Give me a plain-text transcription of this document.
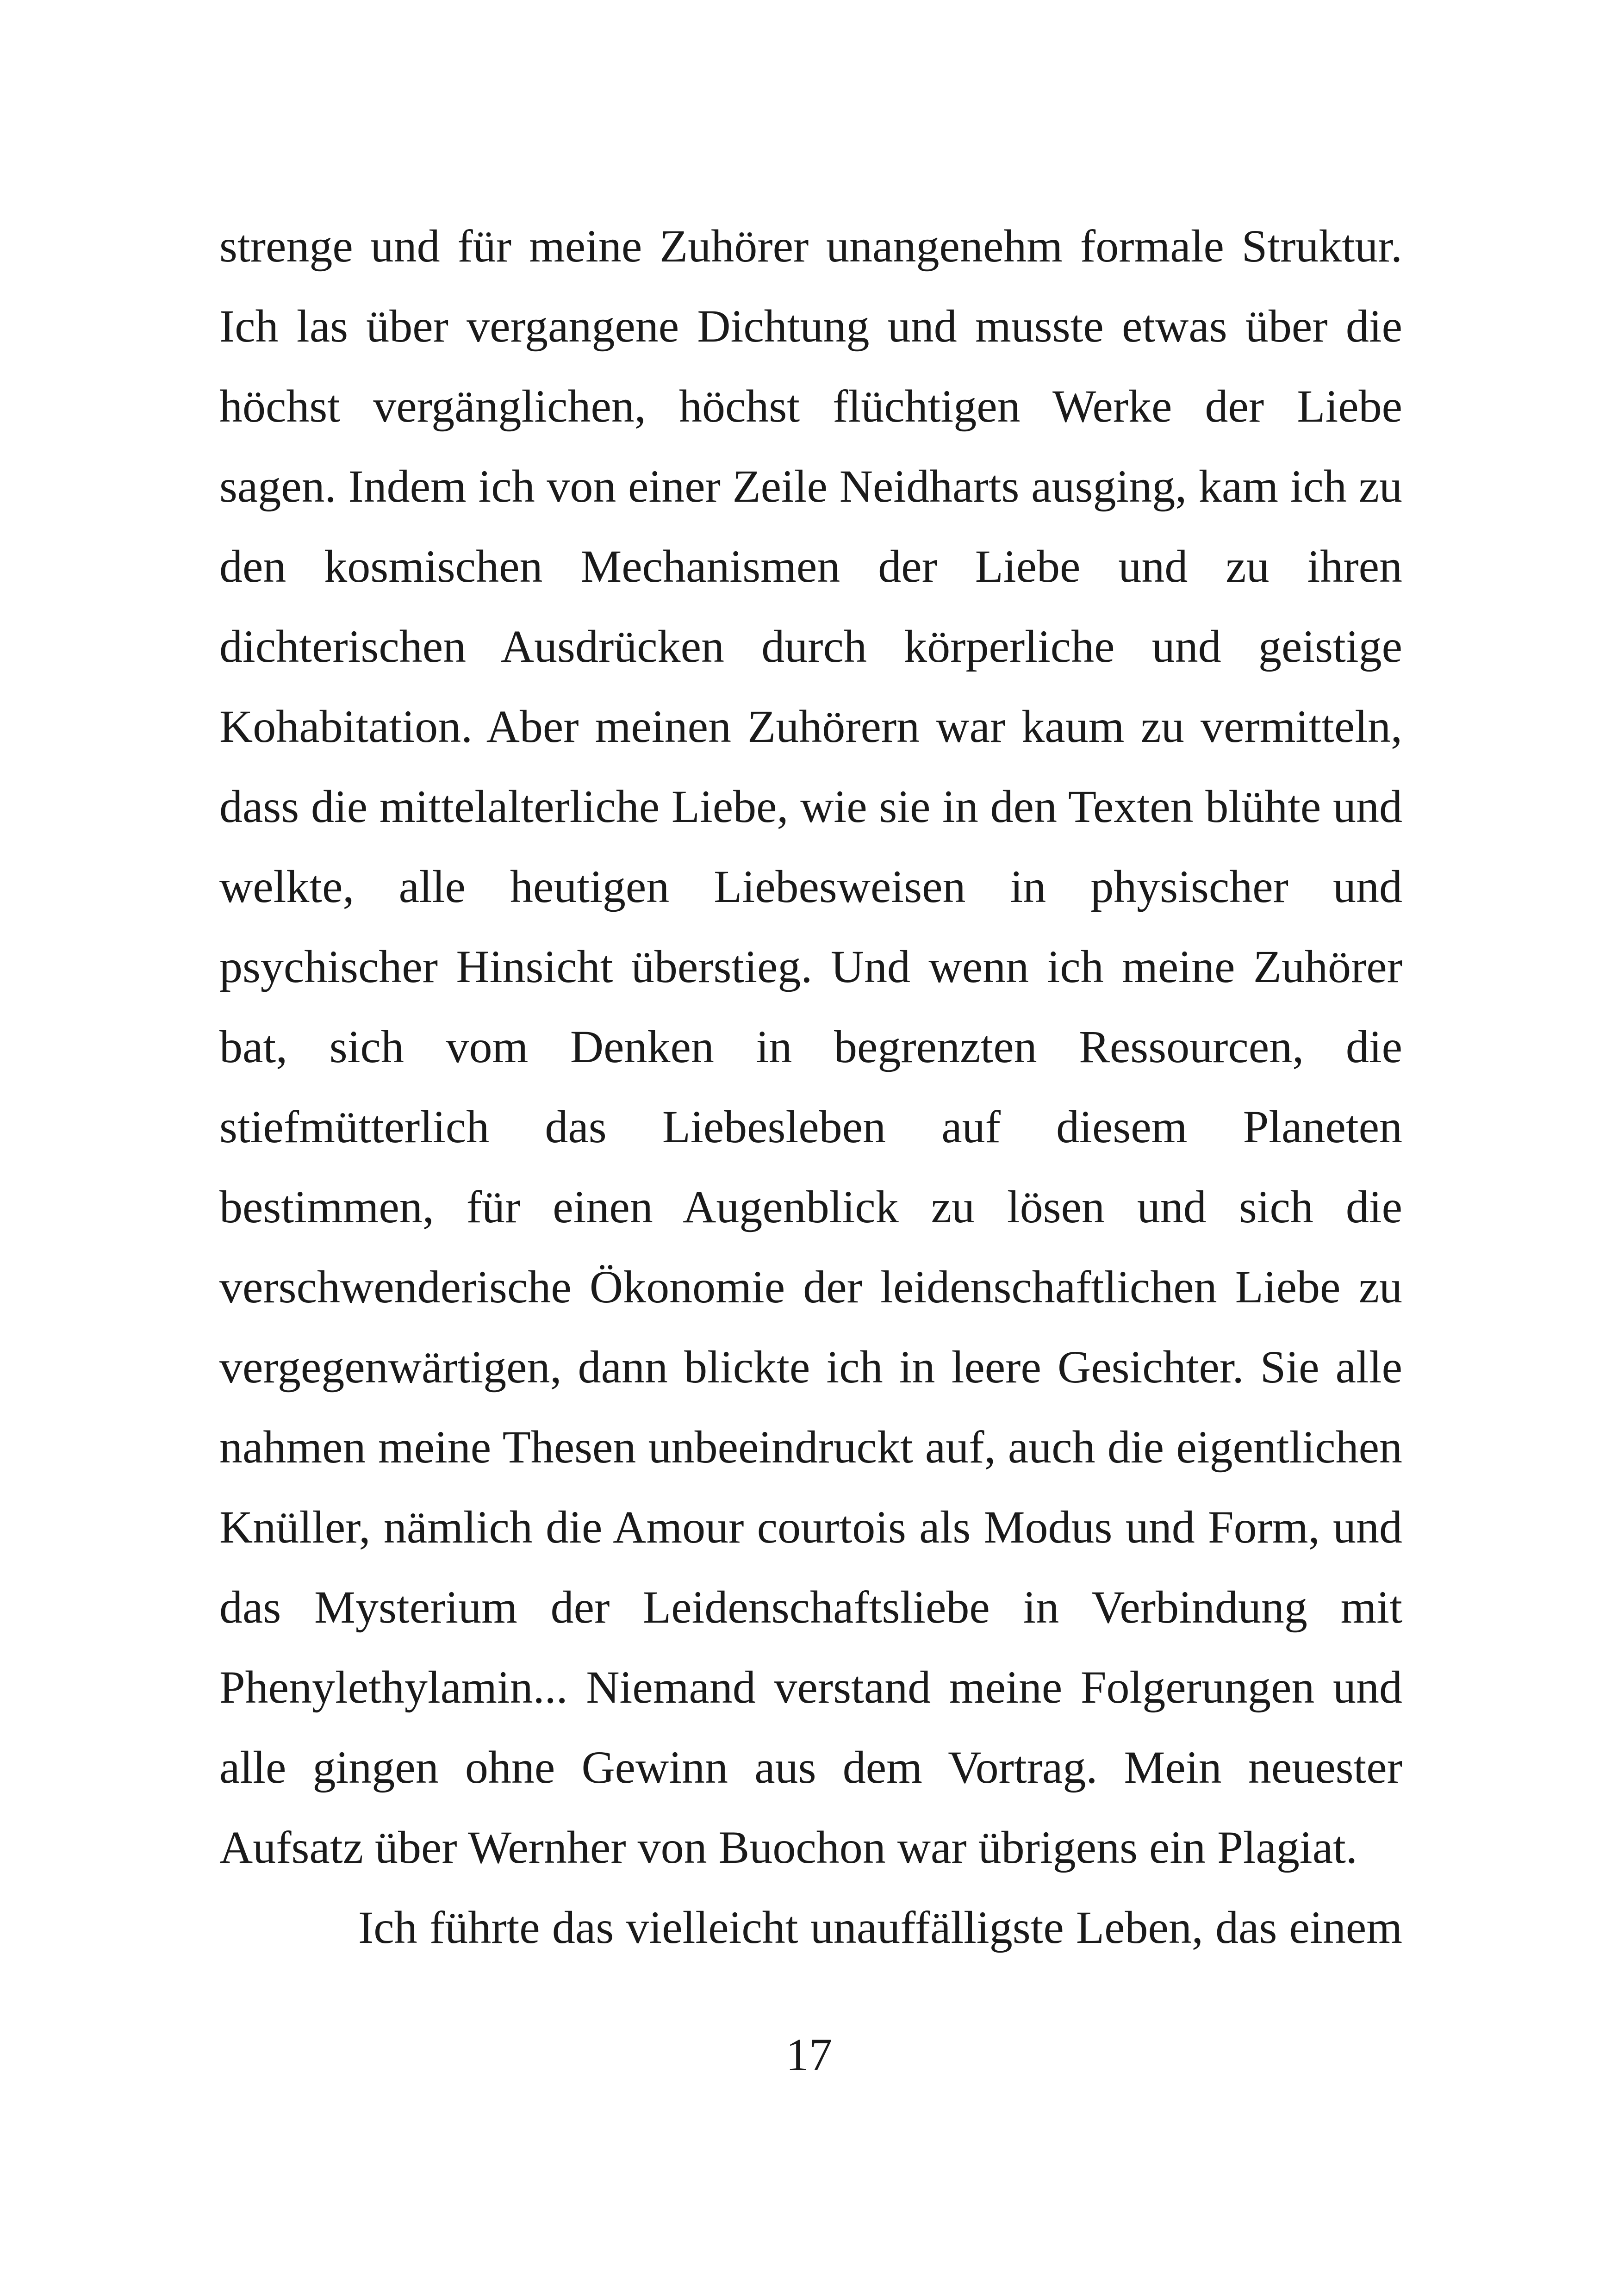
strenge und für meine Zuhörer unangenehm formale Struktur.
Ich las über vergangene Dichtung und musste etwas über die
höchst vergänglichen, höchst flüchtigen Werke der Liebe
sagen. Indem ich von einer Zeile Neidharts ausging, kam ich zu
den kosmischen Mechanismen der Liebe und zu ihren
dichterischen Ausdrücken durch körperliche und geistige
Kohabitation. Aber meinen Zuhörern war kaum zu vermitteln,
dass die mittelalterliche Liebe, wie sie in den Texten blühte und
welkte, alle heutigen Liebesweisen in physischer und
psychischer Hinsicht überstieg. Und wenn ich meine Zuhörer
bat, sich vom Denken in begrenzten Ressourcen, die
stiefmütterlich das Liebesleben auf diesem Planeten
bestimmen, für einen Augenblick zu lösen und sich die
verschwenderische Ökonomie der leidenschaftlichen Liebe zu
vergegenwärtigen, dann blickte ich in leere Gesichter. Sie alle
nahmen meine Thesen unbeeindruckt auf, auch die eigentlichen
Knüller, nämlich die Amour courtois als Modus und Form, und
das Mysterium der Leidenschaftsliebe in Verbindung mit
Phenylethylamin... Niemand verstand meine Folgerungen und
alle gingen ohne Gewinn aus dem Vortrag. Mein neuester
Aufsatz über Wernher von Buochon war übrigens ein Plagiat.
Ich führte das vielleicht unauffälligste Leben, das einem
17
